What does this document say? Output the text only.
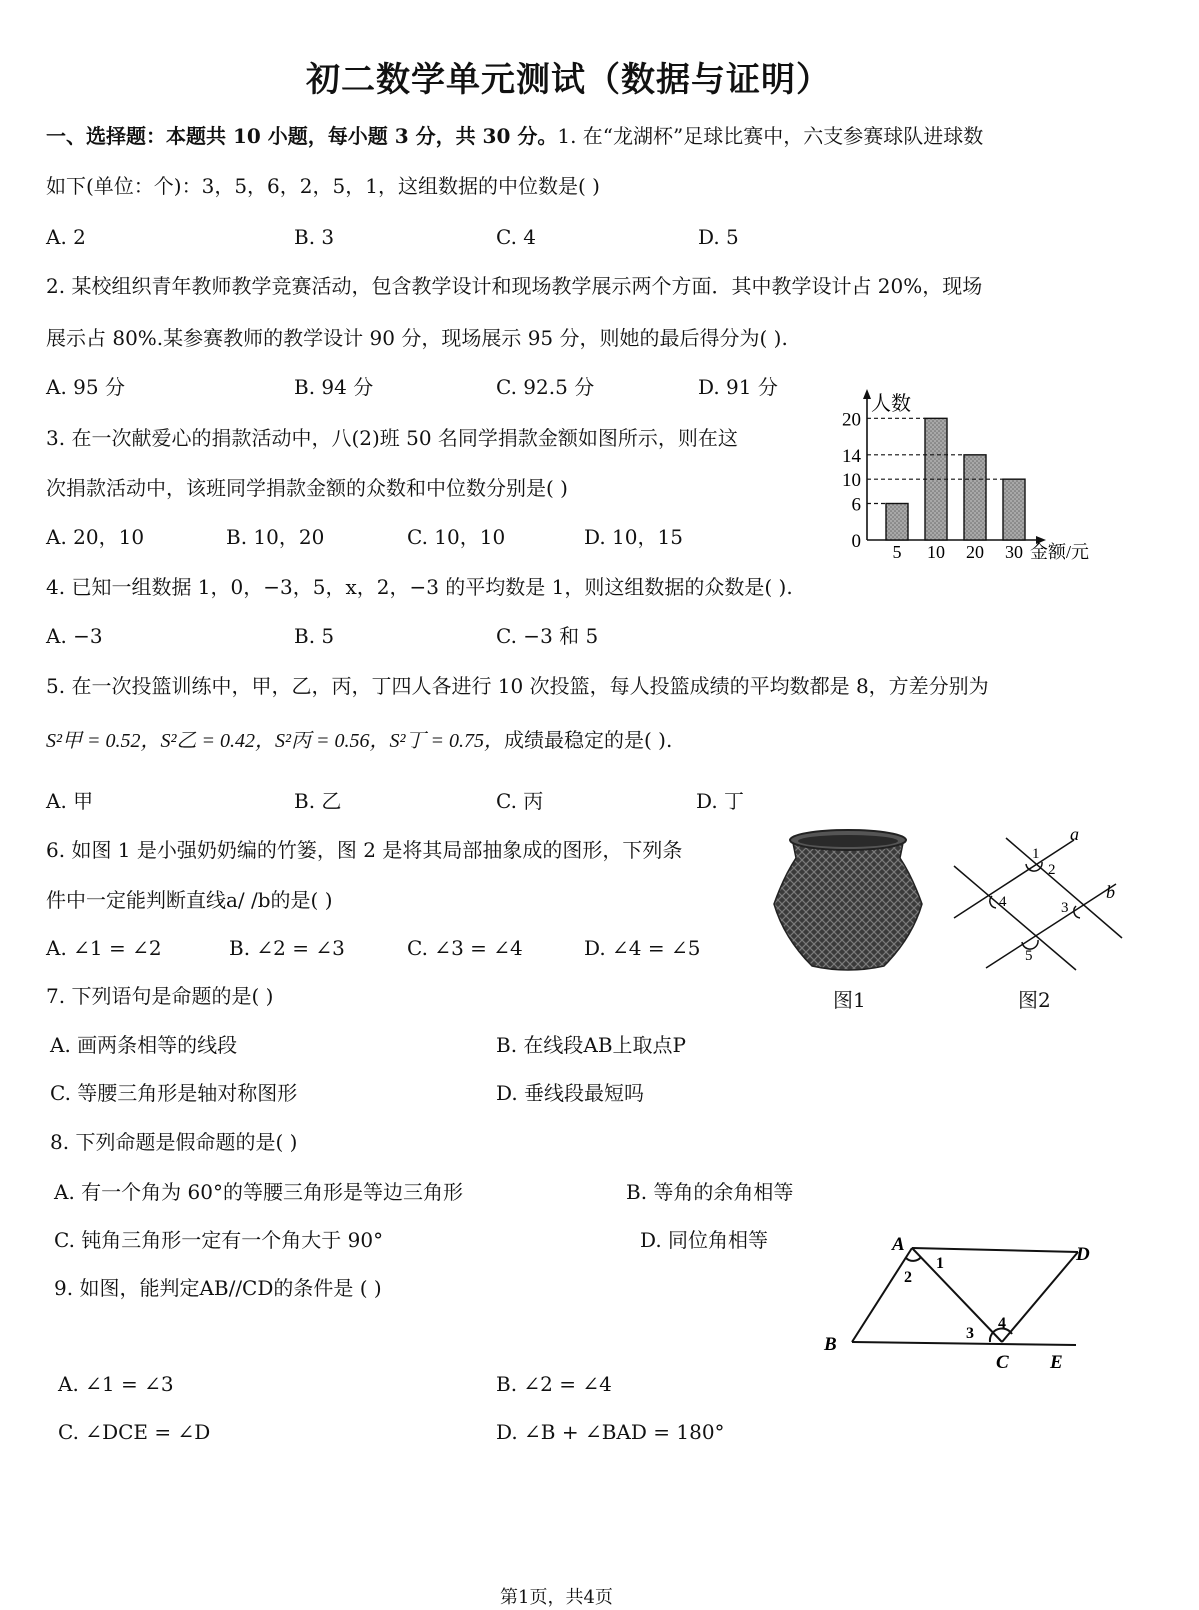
初二数学单元测试（数据与证明）
一、选择题：本题共 10 小题，每小题 3 分，共 30 分。1. 在“龙湖杯”足球比赛中，六支参赛球队进球数
如下(单位：个)：3，5，6，2，5，1，这组数据的中位数是( )
A. 2	B. 3	C. 4	D. 5
2. 某校组织青年教师教学竞赛活动，包含教学设计和现场教学展示两个方面．其中教学设计占 20%，现场
展示占 80%.某参赛教师的教学设计 90 分，现场展示 95 分，则她的最后得分为( ).
A. 95 分	B. 94 分	C. 92.5 分	D. 91 分
3. 在一次献爱心的捐款活动中，八(2)班 50 名同学捐款金额如图所示，则在这
次捐款活动中，该班同学捐款金额的众数和中位数分别是( )
A. 20，10	B. 10，20	C. 10，10	D. 10，15
5 10 20 30
0
6
10
14
20
人数
金额/元
4. 已知一组数据 1，0，−3，5，x，2，−3 的平均数是 1，则这组数据的众数是( ).
A. −3	B. 5	C. −3 和 5
5. 在一次投篮训练中，甲，乙，丙，丁四人各进行 10 次投篮，每人投篮成绩的平均数都是 8，方差分别为
S²甲 = 0.52，S²乙 = 0.42，S²丙 = 0.56，S²丁 = 0.75，成绩最稳定的是( ).
A. 甲	B. 乙	C. 丙	D. 丁
6. 如图 1 是小强奶奶编的竹篓，图 2 是将其局部抽象成的图形，下列条
件中一定能判断直线a/ /b的是( )
A. ∠1 = ∠2	B. ∠2 = ∠3	C. ∠3 = ∠4	D. ∠4 = ∠5
图1
a
b
1
2
3
4
5
图2
7. 下列语句是命题的是( )
A. 画两条相等的线段	B. 在线段AB上取点P
C. 等腰三角形是轴对称图形	D. 垂线段最短吗
8. 下列命题是假命题的是( )
A. 有一个角为 60°的等腰三角形是等边三角形	B. 等角的余角相等
C. 钝角三角形一定有一个角大于 90°	D. 同位角相等
9. 如图，能判定AB//CD的条件是 ( )
A. ∠1 = ∠3	B. ∠2 = ∠4
C. ∠DCE = ∠D	D. ∠B + ∠BAD = 180°
A
B
C
D
E
1
2
3
4
第1页，共4页
